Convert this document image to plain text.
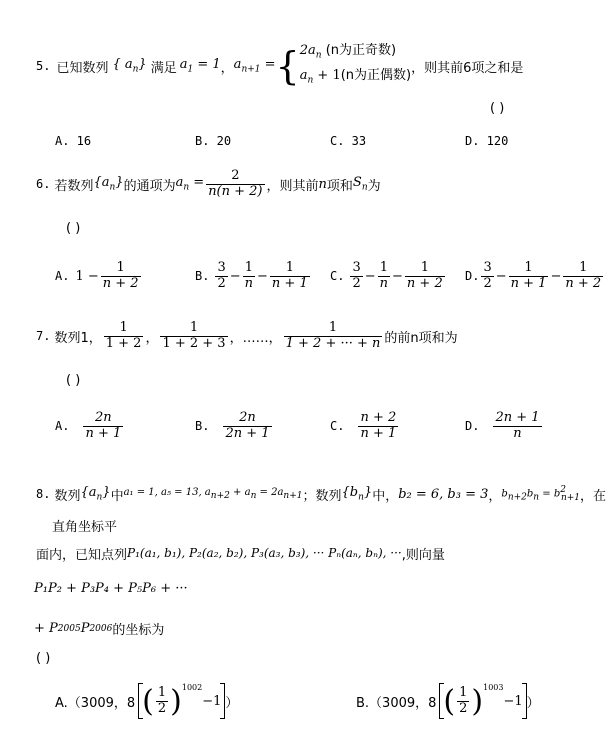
5. 已知数列 { $a_n$} 满足 $a_1 = 1$ ， $a_{n+1}$ = { $2a_n$ (n为正奇数)
$a_n + 1(n$为正偶数) ，则其前6项之和是
( )
A. 16	B. 20	C. 33	D. 120
6. 若数列 $\{a_n\}$ 的通项为 $a_n = \frac{2}{n(n + 2)}$ ，则其前 n 项和 $S_n$ 为
( )
A. $1 - \frac{1}{n + 2}$	B. $\frac{3}{2} - \frac{1}{n} - \frac{1}{n + 1} C$. $\frac{3}{2} - \frac{1}{n} - \frac{1}{n + 2} D$. $\frac{3}{2} - \frac{1}{n + 1} - \frac{1}{n + 2}$
7. 数列1， $\frac{1}{1 + 2}$ ， $\frac{1}{1 + 2 + 3}$ ，……， $\frac{1}{1 + 2 + \cdot\cdot\cdot + n}$ 的前n项和为
( )
A. $\frac{2n}{n + 1}$	B. $\frac{2n}{2n + 1}$	C. $\frac{n + 2}{n + 1}$	D. $\frac{2n + 1}{n}$
8. 数列 $\{a_n\}$ 中 a₁ = 1, a₅ = 13, $a_{n+2} + a_n = 2a_{n+1}$ ；数列 $\{b_n\}$ 中， b₂ = 6, b₃ = 3 ， $b_{n+2}b_n = b^2_{n+1}$ ，在
直角坐标平
面内，已知点列 P₁(a₁, b₁), P₂(a₂, b₂), P₃(a₃, b₃), ··· Pₙ(aₙ, bₙ), ··· ,则向量
P₁P₂ + P₃P₄ + P₅P₆ + ···
+ P 2005 P 2006 的坐标为
( )
A.（3009，8 ( $\frac{1}{2} )^{1002}$
−1 ）	B.（3009，8 ( $\frac{1}{2} )^{1003}$
−1 ）
